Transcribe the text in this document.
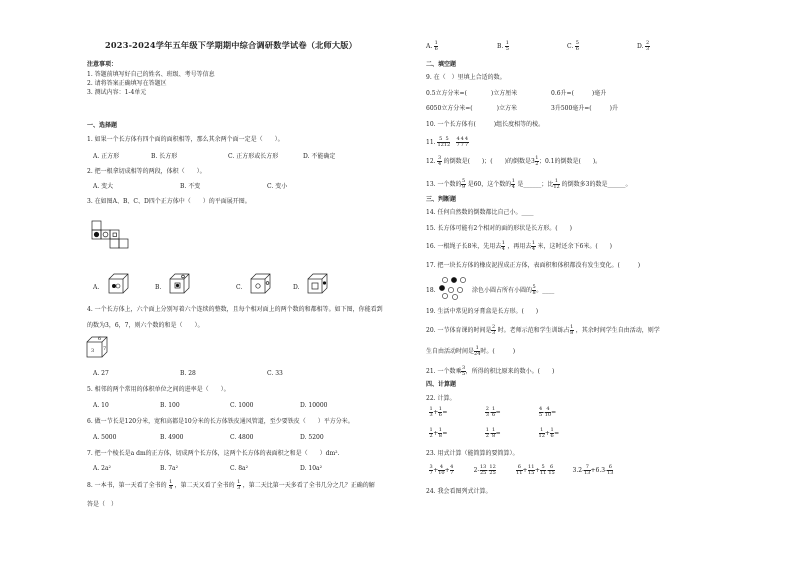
2023-2024学年五年级下学期期中综合调研数学试卷（北师大版）
注意事项：
1. 答题前填写好自己的姓名、班级、考号等信息
2. 请将答案正确填写在答题区
3. 测试内容：1-4单元
一、选择题
1. 如果一个长方体有四个面的面积相等，那么其余两个面一定是（　　）。
A. 正方形	B. 长方形	C. 正方形或长方形	D. 不能确定
2. 把一根拿切成相等的两段，体积（　　）。
A. 变大	B. 不变	C. 变小
3. 在如图A、B、C、D四个正方体中（　　）的平面展开图。
A.	B.	C.	D.
4. 一个长方体上，六个面上分别写着六个连续的整数，且每个相对面上的两个数的和都相等。如下图，你能看到
的数为3，6，7，则六个数的和是（　　）。
6
3 7
A. 27	B. 28	C. 33
5. 相邻的两个常用的体积单位之间的进率是（　　）。
A. 10	B. 100	C. 1000	D. 10000
6. 做一节长是120分米，宽和高都是10分米的长方体铁皮通风管道，至少要铁皮（　　）平方分米。
A. 5000	B. 4900	C. 4800	D. 5200
7. 把一个棱长是a dm的正方体，切成两个长方体，这两个长方体的表面积之和是（　　）dm².
A. 2a²	B. 7a²	C. 8a²	D. 10a²
8. 一本书，第一天看了全书的 $\frac{1}{4}$ ，第二天又看了全书的 $\frac{1}{3}$ ，第二天比第一天多看了全书几分之几？正确的解
答是（　）
A. $\frac{1}{6}$	B. $\frac{1}{5}$	C. $\frac{5}{6}$	D. $\frac{2}{3}$
二、填空题
9. 在（　）里填上合适的数。
0.5立方分米=(　　　　)立方厘米	0.6升=(　　　)毫升
6050立方分米=(　　　　)立方米	3升500毫升=(　　　)升
10. 一个长方体有(　　　)组长度相等的棱。
11. $\frac{5}{12} \frac{5}{12}$
$\frac{4}{7} \frac{4}{7} \frac{4}{7}$
12. $\frac{3}{4}$ 的倒数是(　　)；(　　)的倒数是$3 \frac{1}{2}$ ；0.1的倒数是(　　)。
13. 一个数的 $\frac{5}{9}$ 是60，这个数的 $\frac{1}{4}$ 是______；比 $\frac{1}{12}$ 的倒数多3的数是______。
三、判断题
14. 任何自然数的倒数都比自己小。____
15. 长方体可能有2个相对的面的形状是长方形。(　　)
16. 一根绳子长8米，先用去 $\frac{1}{4}$ ，再用去 $\frac{1}{4}$ 米，这时还余下6米。(　　)
17. 把一块长方体的橡皮泥捏成正方体，表面积和体积都没有发生变化。(　　　)
18.	涂色小圆占所有小圆的 $\frac{5}{8}$ 。____
19. 生活中常见的牙膏盒是长方形。(　　)
20. 一节体育课的时间是 $\frac{2}{3}$ 时。老师示范和学生训练占 $\frac{1}{8}$ ，其余时间学生自由活动，则学
生自由活动时间是 $\frac{1}{24}$ 时。(　　　)
21. 一个数乘 $\frac{3}{5}$ ，所得的积比原来的数小。(　　)
四、计算题
22. 计算。
$\frac{1}{3} + \frac{1}{6}$ =	$\frac{2}{3} - \frac{1}{6}$ =	$\frac{4}{5} - \frac{4}{10}$ =
$\frac{1}{2} + \frac{1}{8}$ =	$\frac{1}{2} - \frac{1}{8}$ =	$\frac{1}{12} + \frac{1}{6}$ =
23. 用式计算（能简算的要简算）。
$\frac{3}{7} + \frac{4}{10} + \frac{4}{7}$	$2- \frac{13}{25} - \frac{12}{25}$
	$\frac{6}{11} + \frac{11}{15} + \frac{5}{11} - \frac{6}{15}$	$3.2- \frac{7}{13} +6.3- \frac{6}{13}$
24. 我会看图列式计算。
